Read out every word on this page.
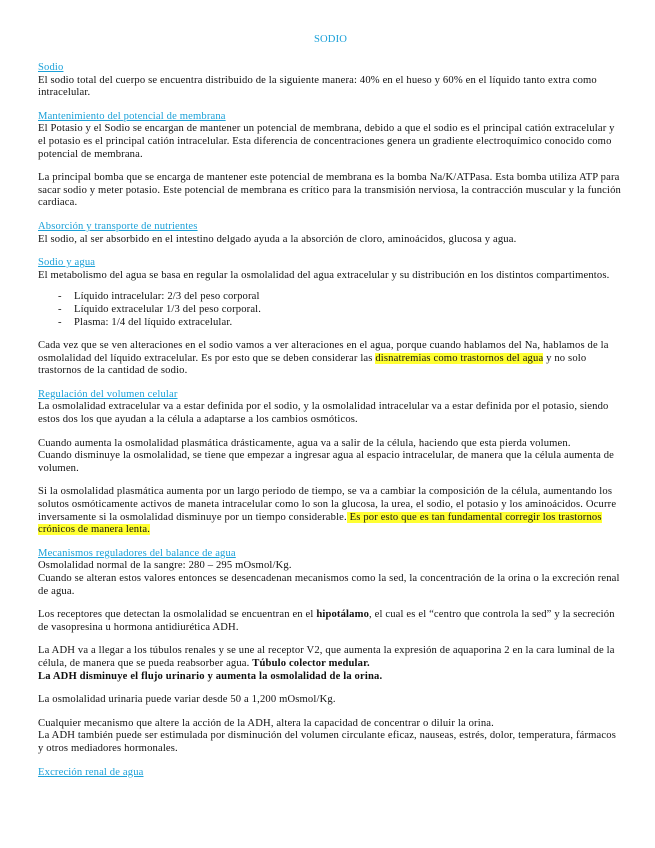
SODIO

Sodio

El sodio total del cuerpo se encuentra distribuido de la siguiente manera: 40% en el hueso y 60% en el líquido tanto extra como intracelular.

Mantenimiento del potencial de membrana

El Potasio y el Sodio se encargan de mantener un potencial de membrana, debido a que el sodio es el principal catión extracelular y el potasio es el principal catión intracelular. Esta diferencia de concentraciones genera un gradiente electroquímico conocido como potencial de membrana.

La principal bomba que se encarga de mantener este potencial de membrana es la bomba Na/K/ATPasa. Esta bomba utiliza ATP para sacar sodio y meter potasio. Este potencial de membrana es crítico para la transmisión nerviosa, la contracción muscular y la función cardiaca.

Absorción y transporte de nutrientes

El sodio, al ser absorbido en el intestino delgado ayuda a la absorción de cloro, aminoácidos, glucosa y agua.

Sodio y agua

El metabolismo del agua se basa en regular la osmolalidad del agua extracelular y su distribución en los distintos compartimentos.

- Líquido intracelular: 2/3 del peso corporal
- Líquido extracelular 1/3 del peso corporal.
- Plasma: 1/4 del líquido extracelular.

Cada vez que se ven alteraciones en el sodio vamos a ver alteraciones en el agua, porque cuando hablamos del Na, hablamos de la osmolalidad del líquido extracelular. Es por esto que se deben considerar las disnatremias como trastornos del agua y no solo trastornos de la cantidad de sodio.

Regulación del volumen celular

La osmolalidad extracelular va a estar definida por el sodio, y la osmolalidad intracelular va a estar definida por el potasio, siendo estos dos los que ayudan a la célula a adaptarse a los cambios osmóticos.

Cuando aumenta la osmolalidad plasmática drásticamente, agua va a salir de la célula, haciendo que esta pierda volumen.

Cuando disminuye la osmolalidad, se tiene que empezar a ingresar agua al espacio intracelular, de manera que la célula aumenta de volumen.

Si la osmolalidad plasmática aumenta por un largo periodo de tiempo, se va a cambiar la composición de la célula, aumentando los solutos osmóticamente activos de maneta intracelular como lo son la glucosa, la urea, el sodio, el potasio y los aminoácidos. Ocurre inversamente si la osmolalidad disminuye por un tiempo considerable. Es por esto que es tan fundamental corregir los trastornos crónicos de manera lenta.

Mecanismos reguladores del balance de agua

Osmolalidad normal de la sangre: 280 – 295 mOsmol/Kg.

Cuando se alteran estos valores entonces se desencadenan mecanismos como la sed, la concentración de la orina o la excreción renal de agua.

Los receptores que detectan la osmolalidad se encuentran en el hipotálamo, el cual es el “centro que controla la sed” y la secreción de vasopresina u hormona antidiurética ADH.

La ADH va a llegar a los túbulos renales y se une al receptor V2, que aumenta la expresión de aquaporina 2 en la cara luminal de la célula, de manera que se pueda reabsorber agua. Túbulo colector medular.

La ADH disminuye el flujo urinario y aumenta la osmolalidad de la orina.

La osmolalidad urinaria puede variar desde 50 a 1,200 mOsmol/Kg.

Cualquier mecanismo que altere la acción de la ADH, altera la capacidad de concentrar o diluir la orina.

La ADH también puede ser estimulada por disminución del volumen circulante eficaz, nauseas, estrés, dolor, temperatura, fármacos y otros mediadores hormonales.

Excreción renal de agua
